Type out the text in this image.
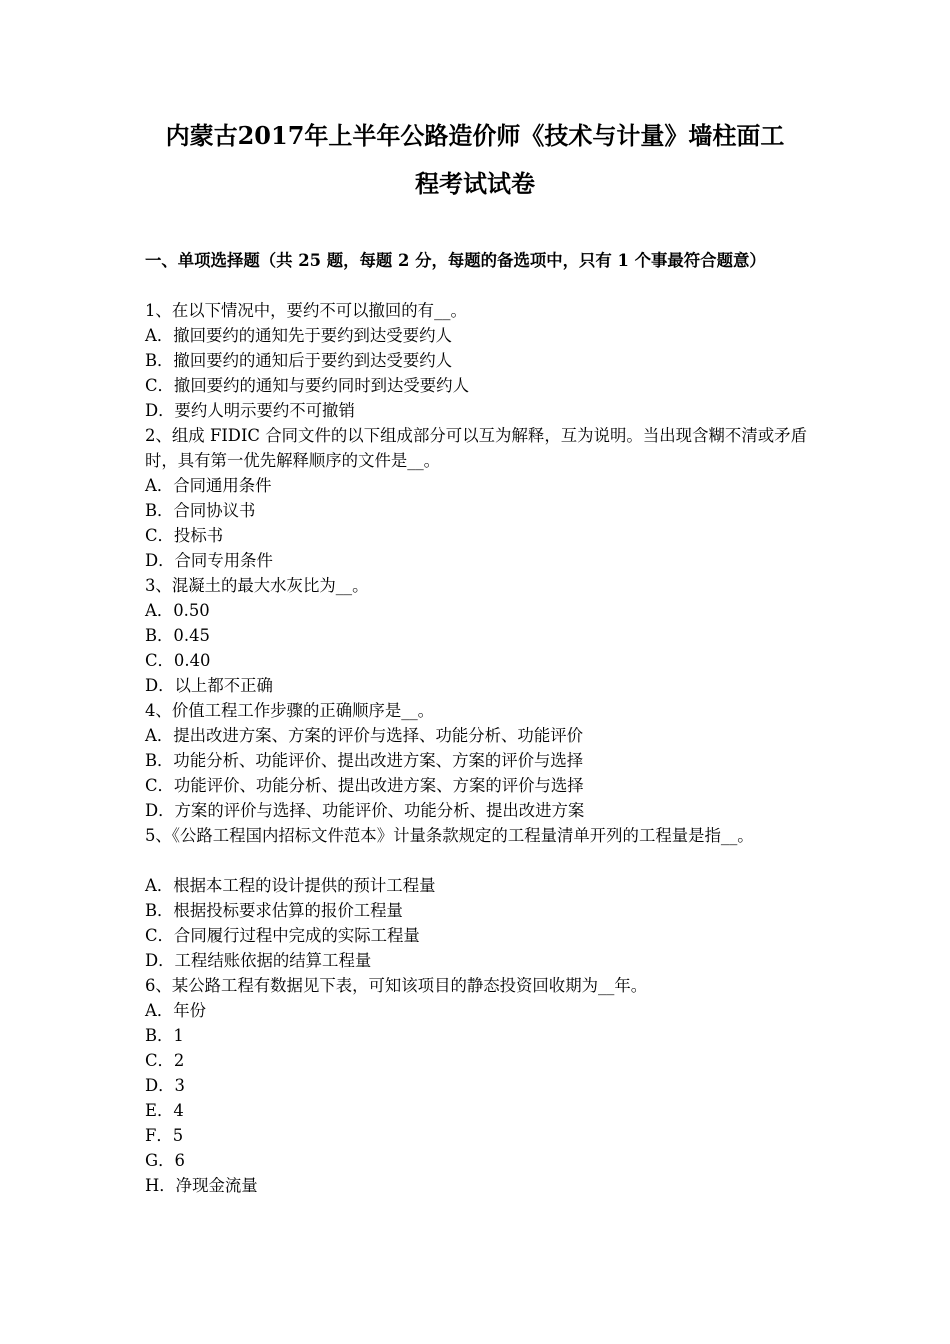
内蒙古2017年上半年公路造价师《技术与计量》墙柱面工
程考试试卷
一、单项选择题（共 25 题，每题 2 分，每题的备选项中，只有 1 个事最符合题意）
1、在以下情况中，要约不可以撤回的有__。
A．撤回要约的通知先于要约到达受要约人
B．撤回要约的通知后于要约到达受要约人
C．撤回要约的通知与要约同时到达受要约人
D．要约人明示要约不可撤销
2、组成 FIDIC 合同文件的以下组成部分可以互为解释，互为说明。当出现含糊不清或矛盾时，具有第一优先解释顺序的文件是__。
A．合同通用条件
B．合同协议书
C．投标书
D．合同专用条件
3、混凝土的最大水灰比为__。
A．0.50
B．0.45
C．0.40
D．以上都不正确
4、价值工程工作步骤的正确顺序是__。
A．提出改进方案、方案的评价与选择、功能分析、功能评价
B．功能分析、功能评价、提出改进方案、方案的评价与选择
C．功能评价、功能分析、提出改进方案、方案的评价与选择
D．方案的评价与选择、功能评价、功能分析、提出改进方案
5、《公路工程国内招标文件范本》计量条款规定的工程量清单开列的工程量是指__。
A．根据本工程的设计提供的预计工程量
B．根据投标要求估算的报价工程量
C．合同履行过程中完成的实际工程量
D．工程结账依据的结算工程量
6、某公路工程有数据见下表，可知该项目的静态投资回收期为__年。
A．年份
B．1
C．2
D．3
E．4
F．5
G．6
H．净现金流量
